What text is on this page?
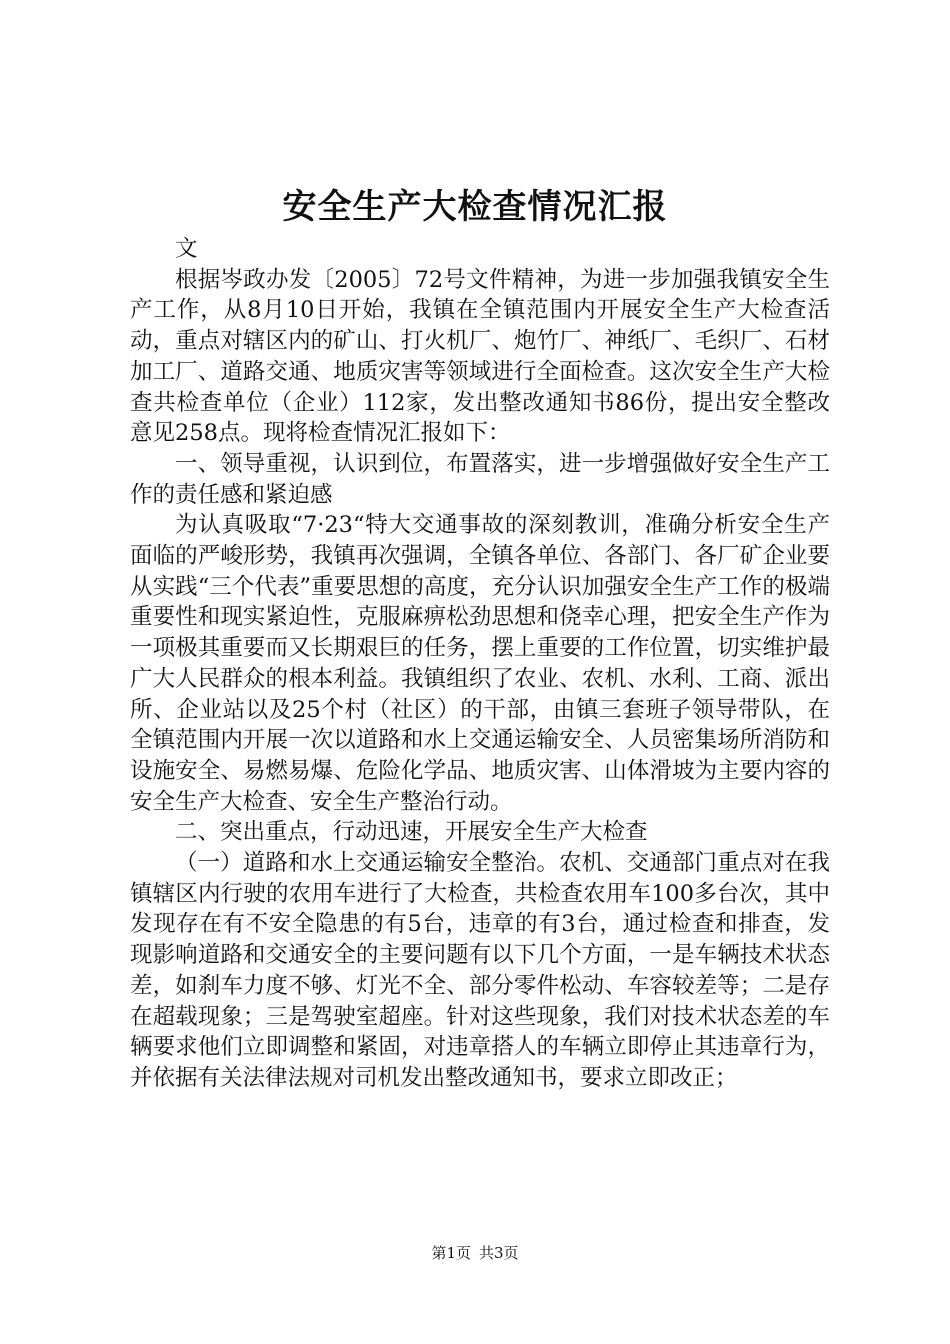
安全生产大检查情况汇报

文

根据岑政办发〔2005〕72号文件精神，为进一步加强我镇安全生产工作，从8月10日开始，我镇在全镇范围内开展安全生产大检查活动，重点对辖区内的矿山、打火机厂、炮竹厂、神纸厂、毛织厂、石材加工厂、道路交通、地质灾害等领域进行全面检查。这次安全生产大检查共检查单位（企业）112家，发出整改通知书86份，提出安全整改意见258点。现将检查情况汇报如下：

一、领导重视，认识到位，布置落实，进一步增强做好安全生产工作的责任感和紧迫感

为认真吸取“7·23“特大交通事故的深刻教训，准确分析安全生产面临的严峻形势，我镇再次强调，全镇各单位、各部门、各厂矿企业要从实践“三个代表”重要思想的高度，充分认识加强安全生产工作的极端重要性和现实紧迫性，克服麻痹松劲思想和侥幸心理，把安全生产作为一项极其重要而又长期艰巨的任务，摆上重要的工作位置，切实维护最广大人民群众的根本利益。我镇组织了农业、农机、水利、工商、派出所、企业站以及25个村（社区）的干部，由镇三套班子领导带队，在全镇范围内开展一次以道路和水上交通运输安全、人员密集场所消防和设施安全、易燃易爆、危险化学品、地质灾害、山体滑坡为主要内容的安全生产大检查、安全生产整治行动。

二、突出重点，行动迅速，开展安全生产大检查

（一）道路和水上交通运输安全整治。农机、交通部门重点对在我镇辖区内行驶的农用车进行了大检查，共检查农用车100多台次，其中发现存在有不安全隐患的有5台，违章的有3台，通过检查和排查，发现影响道路和交通安全的主要问题有以下几个方面，一是车辆技术状态差，如刹车力度不够、灯光不全、部分零件松动、车容较差等；二是存在超载现象；三是驾驶室超座。针对这些现象，我们对技术状态差的车辆要求他们立即调整和紧固，对违章搭人的车辆立即停止其违章行为，并依据有关法律法规对司机发出整改通知书，要求立即改正；

第1页 共3页
